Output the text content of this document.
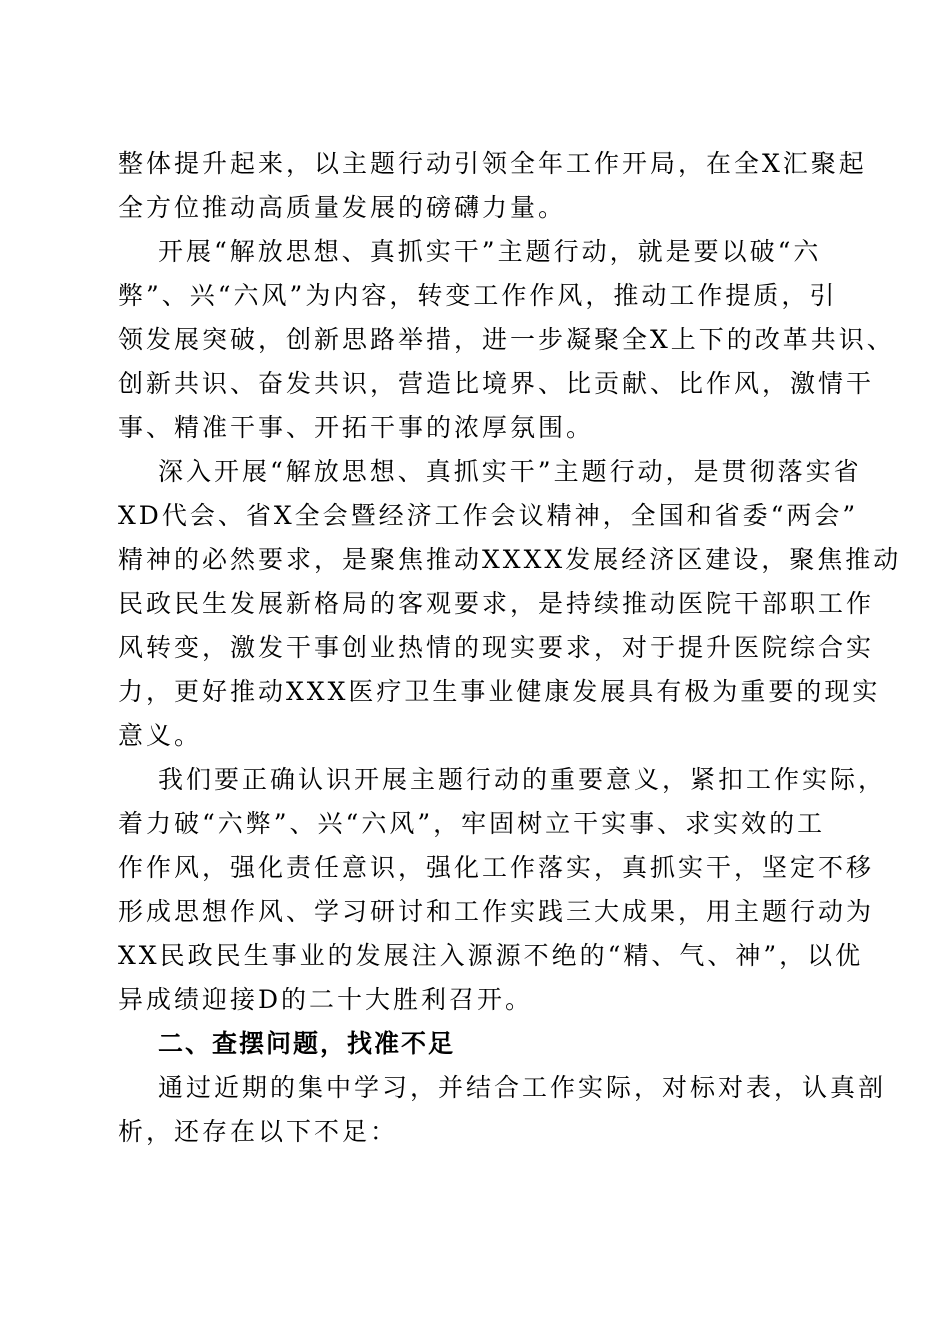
整体提升起来，以主题行动引领全年工作开局，在全X汇聚起
全方位推动高质量发展的磅礴力量。
开展“解放思想、真抓实干”主题行动，就是要以破“六
弊”、兴“六风”为内容，转变工作作风，推动工作提质，引
领发展突破，创新思路举措，进一步凝聚全X上下的改革共识、
创新共识、奋发共识，营造比境界、比贡献、比作风，激情干
事、精准干事、开拓干事的浓厚氛围。
深入开展“解放思想、真抓实干”主题行动，是贯彻落实省
XD代会、省X全会暨经济工作会议精神，全国和省委“两会”
精神的必然要求，是聚焦推动XXXX发展经济区建设，聚焦推动
民政民生发展新格局的客观要求，是持续推动医院干部职工作
风转变，激发干事创业热情的现实要求，对于提升医院综合实
力，更好推动XXX医疗卫生事业健康发展具有极为重要的现实
意义。
我们要正确认识开展主题行动的重要意义，紧扣工作实际，
着力破“六弊”、兴“六风”，牢固树立干实事、求实效的工
作作风，强化责任意识，强化工作落实，真抓实干，坚定不移
形成思想作风、学习研讨和工作实践三大成果，用主题行动为
XX民政民生事业的发展注入源源不绝的“精、气、神”，以优
异成绩迎接D的二十大胜利召开。
二、查摆问题，找准不足
通过近期的集中学习，并结合工作实际，对标对表，认真剖
析，还存在以下不足：
